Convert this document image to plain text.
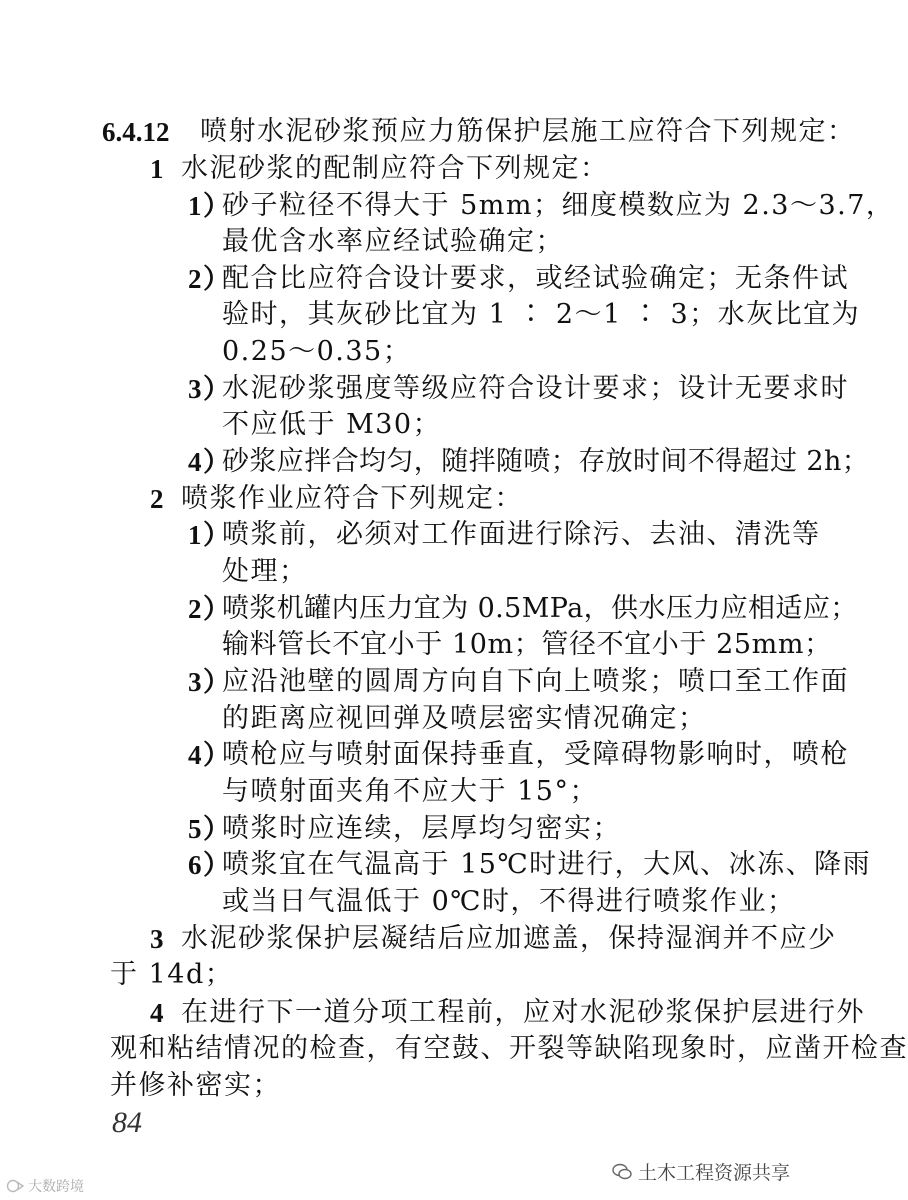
6.4.12 喷射水泥砂浆预应力筋保护层施工应符合下列规定：
1 水泥砂浆的配制应符合下列规定：
1）
砂子粒径不得大于 5mm；细度模数应为 2.3～3.7，
最优含水率应经试验确定；
2）
配合比应符合设计要求，或经试验确定；无条件试
验时，其灰砂比宜为 1 ∶ 2～1 ∶ 3；水灰比宜为
0.25～0.35；
3）
水泥砂浆强度等级应符合设计要求；设计无要求时
不应低于 M30；
4）
砂浆应拌合均匀，随拌随喷；存放时间不得超过 2h；
2 喷浆作业应符合下列规定：
1）
喷浆前，必须对工作面进行除污、去油、清洗等
处理；
2）
喷浆机罐内压力宜为 0.5MPa，供水压力应相适应；
输料管长不宜小于 10m；管径不宜小于 25mm；
3）
应沿池壁的圆周方向自下向上喷浆；喷口至工作面
的距离应视回弹及喷层密实情况确定；
4）
喷枪应与喷射面保持垂直，受障碍物影响时，喷枪
与喷射面夹角不应大于 15°；
5）
喷浆时应连续，层厚均匀密实；
6）
喷浆宜在气温高于 15℃时进行，大风、冰冻、降雨
或当日气温低于 0℃时，不得进行喷浆作业；
3 水泥砂浆保护层凝结后应加遮盖，保持湿润并不应少
于 14d；
4 在进行下一道分项工程前，应对水泥砂浆保护层进行外
观和粘结情况的检查，有空鼓、开裂等缺陷现象时，应凿开检查
并修补密实；
84
土木工程资源共享
大数跨境
